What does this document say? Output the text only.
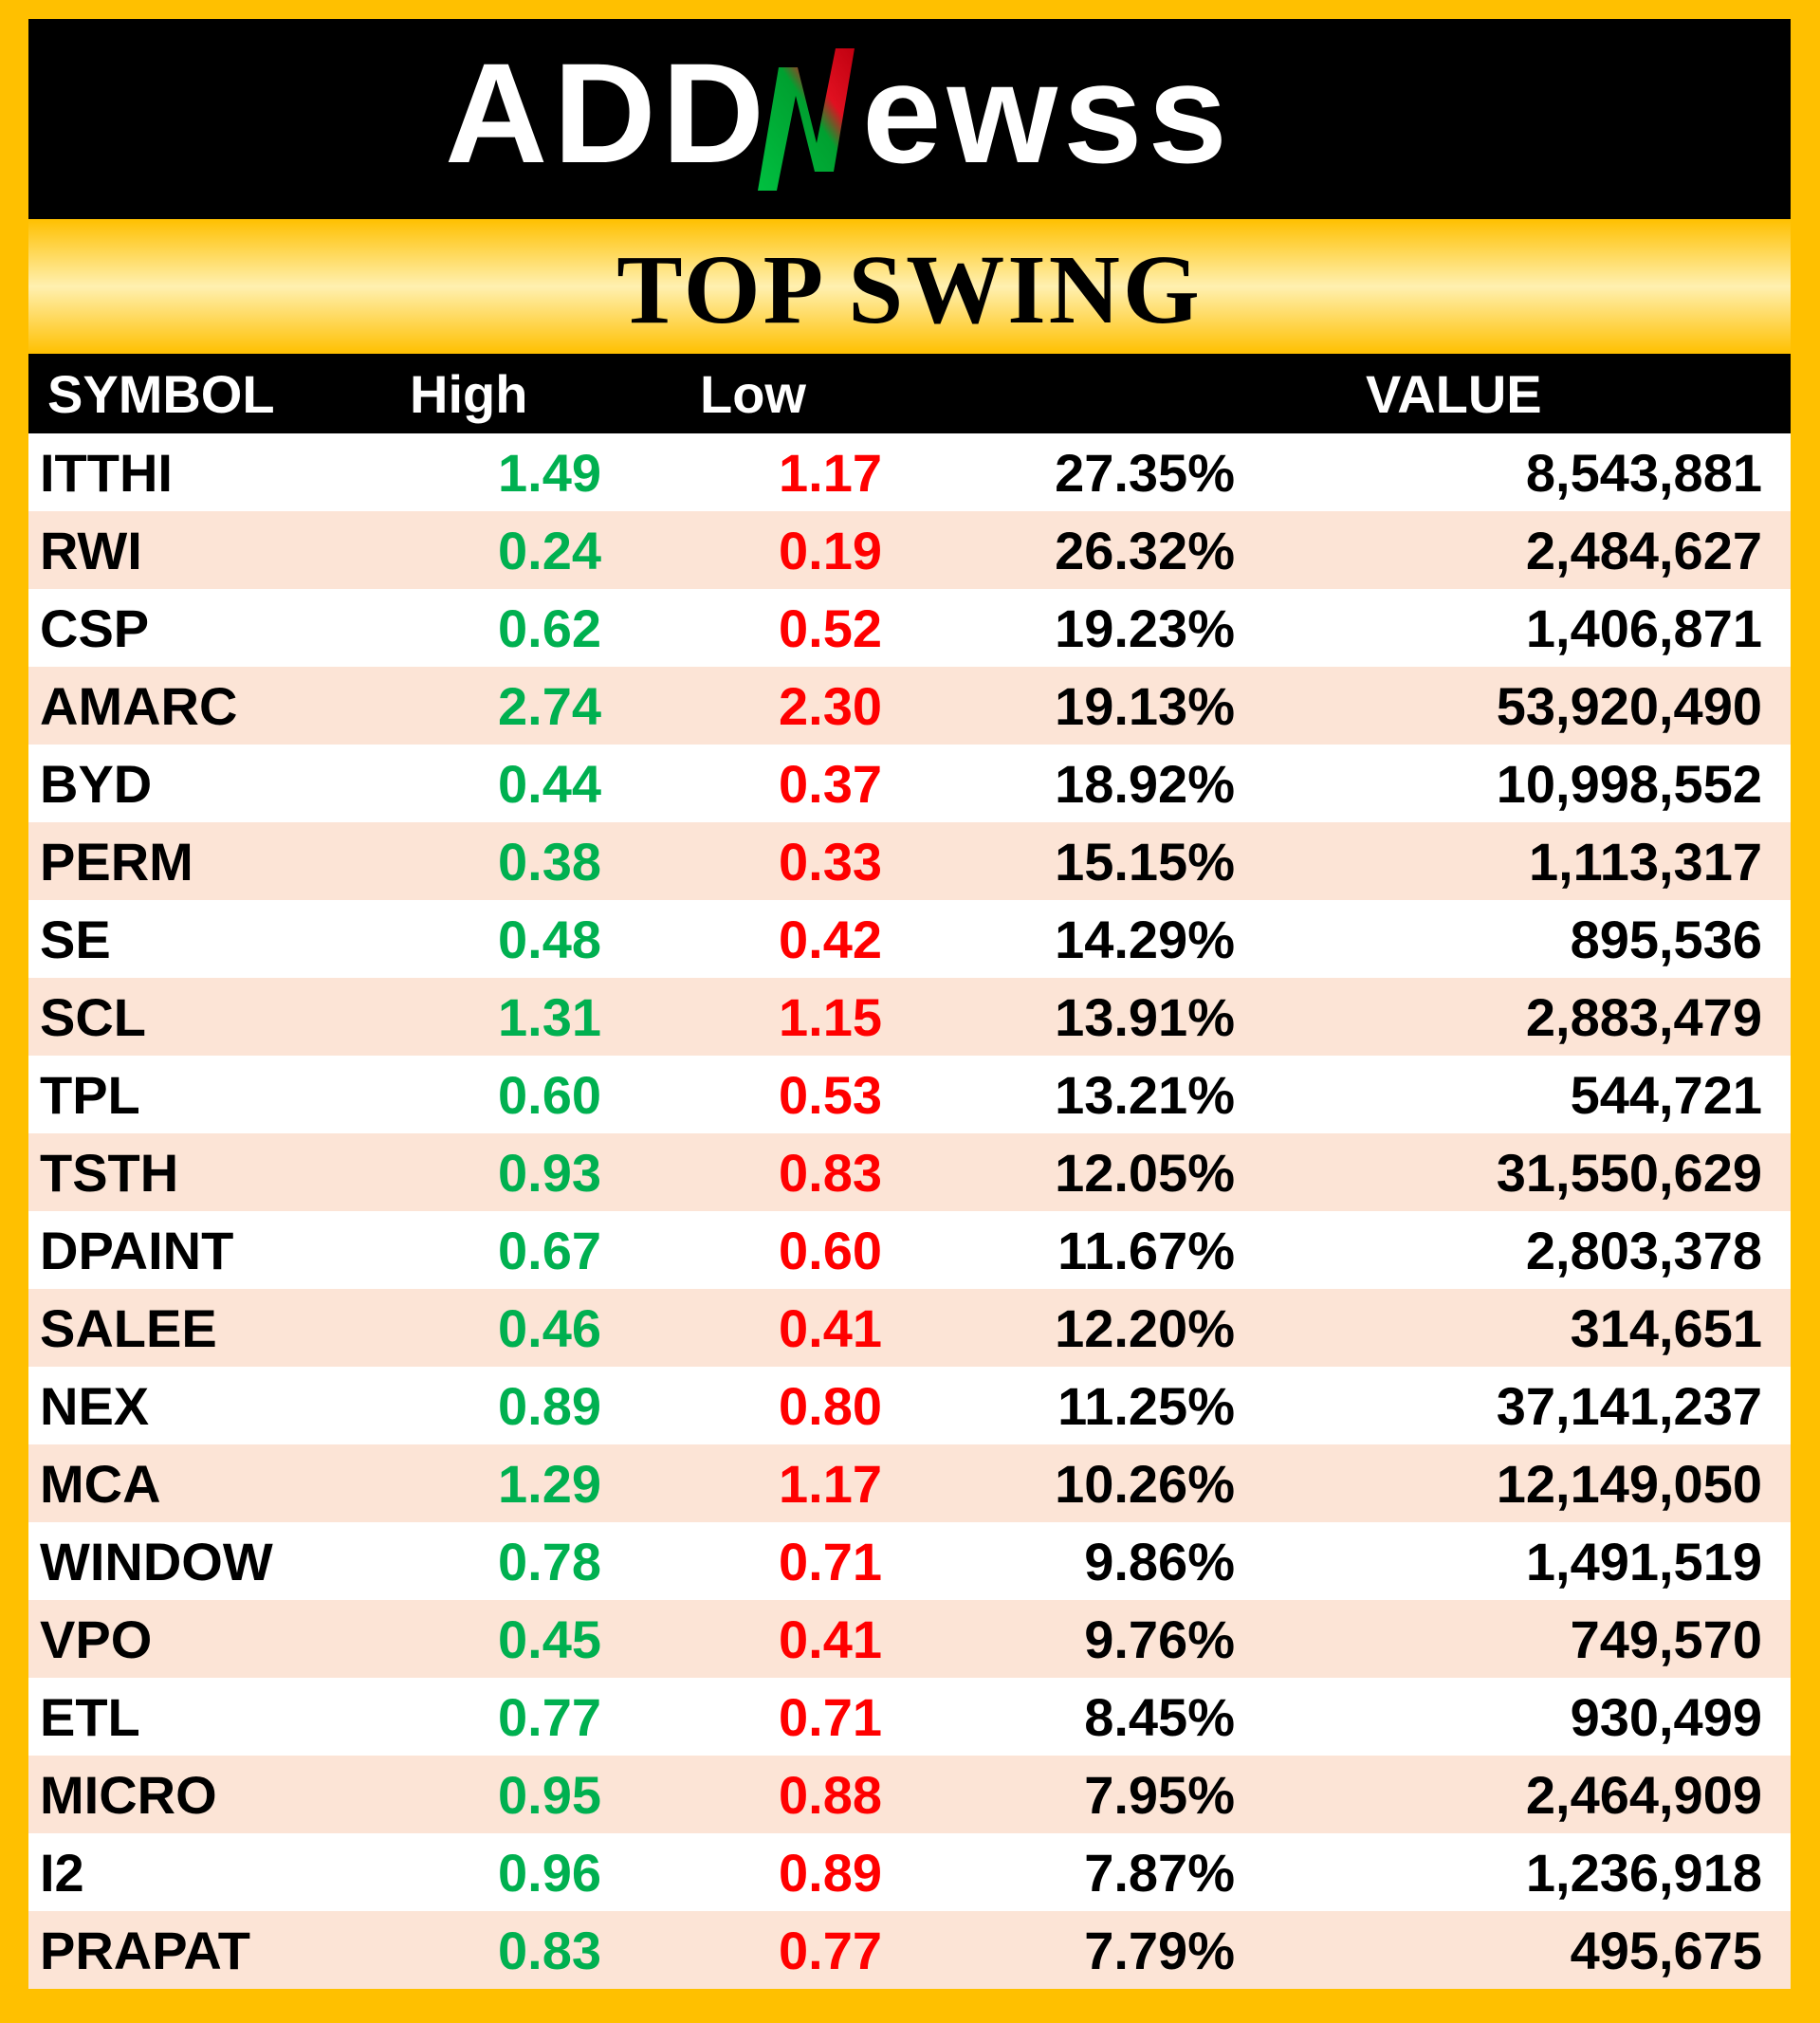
ADD ewss
TOP SWING
SYMBOL	High	Low		VALUE
ITTHI	1.49	1.17	27.35%	8,543,881
RWI	0.24	0.19	26.32%	2,484,627
CSP	0.62	0.52	19.23%	1,406,871
AMARC	2.74	2.30	19.13%	53,920,490
BYD	0.44	0.37	18.92%	10,998,552
PERM	0.38	0.33	15.15%	1,113,317
SE	0.48	0.42	14.29%	895,536
SCL	1.31	1.15	13.91%	2,883,479
TPL	0.60	0.53	13.21%	544,721
TSTH	0.93	0.83	12.05%	31,550,629
DPAINT	0.67	0.60	11.67%	2,803,378
SALEE	0.46	0.41	12.20%	314,651
NEX	0.89	0.80	11.25%	37,141,237
MCA	1.29	1.17	10.26%	12,149,050
WINDOW	0.78	0.71	9.86%	1,491,519
VPO	0.45	0.41	9.76%	749,570
ETL	0.77	0.71	8.45%	930,499
MICRO	0.95	0.88	7.95%	2,464,909
I2	0.96	0.89	7.87%	1,236,918
PRAPAT	0.83	0.77	7.79%	495,675
